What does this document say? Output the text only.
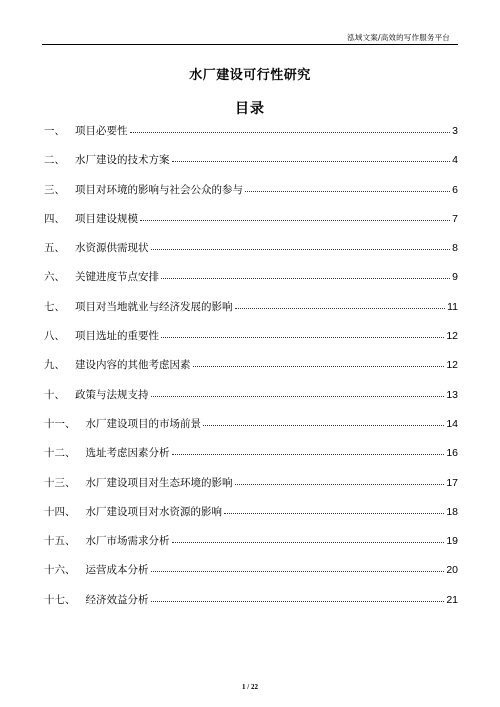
泓域文案/高效的写作服务平台
水厂建设可行性研究
目录
一、 项目必要性	3
二、 水厂建设的技术方案	4
三、 项目对环境的影响与社会公众的参与	6
四、 项目建设规模	7
五、 水资源供需现状	8
六、 关键进度节点安排	9
七、 项目对当地就业与经济发展的影响	11
八、 项目选址的重要性	12
九、 建设内容的其他考虑因素	12
十、 政策与法规支持	13
十一、 水厂建设项目的市场前景	14
十二、 选址考虑因素分析	16
十三、 水厂建设项目对生态环境的影响	17
十四、 水厂建设项目对水资源的影响	18
十五、 水厂市场需求分析	19
十六、 运营成本分析	20
十七、 经济效益分析	21
1 / 22
